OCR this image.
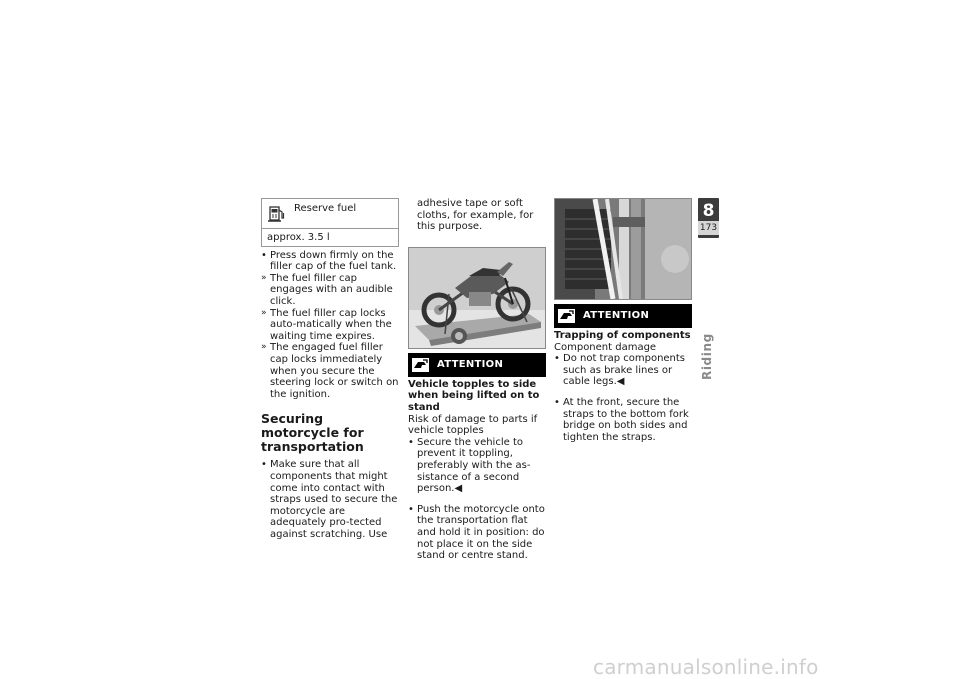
Reserve fuel
approx. 3.5 l
• Press down firmly on the filler cap of the fuel tank.
» The fuel filler cap engages with an audible click.
» The fuel filler cap locks auto-matically when the waiting time expires.
» The engaged fuel filler cap locks immediately when you secure the steering lock or switch on the ignition.
Securing motorcycle for transportation
• Make sure that all components that might come into contact with straps used to secure the motorcycle are adequately pro-tected against scratching. Use
adhesive tape or soft cloths, for example, for this purpose.
ATTENTION
Vehicle topples to side when being lifted on to stand
Risk of damage to parts if vehicle topples
• Secure the vehicle to prevent it toppling, preferably with the as-sistance of a second person.◀
• Push the motorcycle onto the transportation flat and hold it in position: do not place it on the side stand or centre stand.
ATTENTION
Trapping of components
Component damage
• Do not trap components such as brake lines or cable legs.◀
• At the front, secure the straps to the bottom fork bridge on both sides and tighten the straps.
8
173
Riding
carmanualsonline.info
